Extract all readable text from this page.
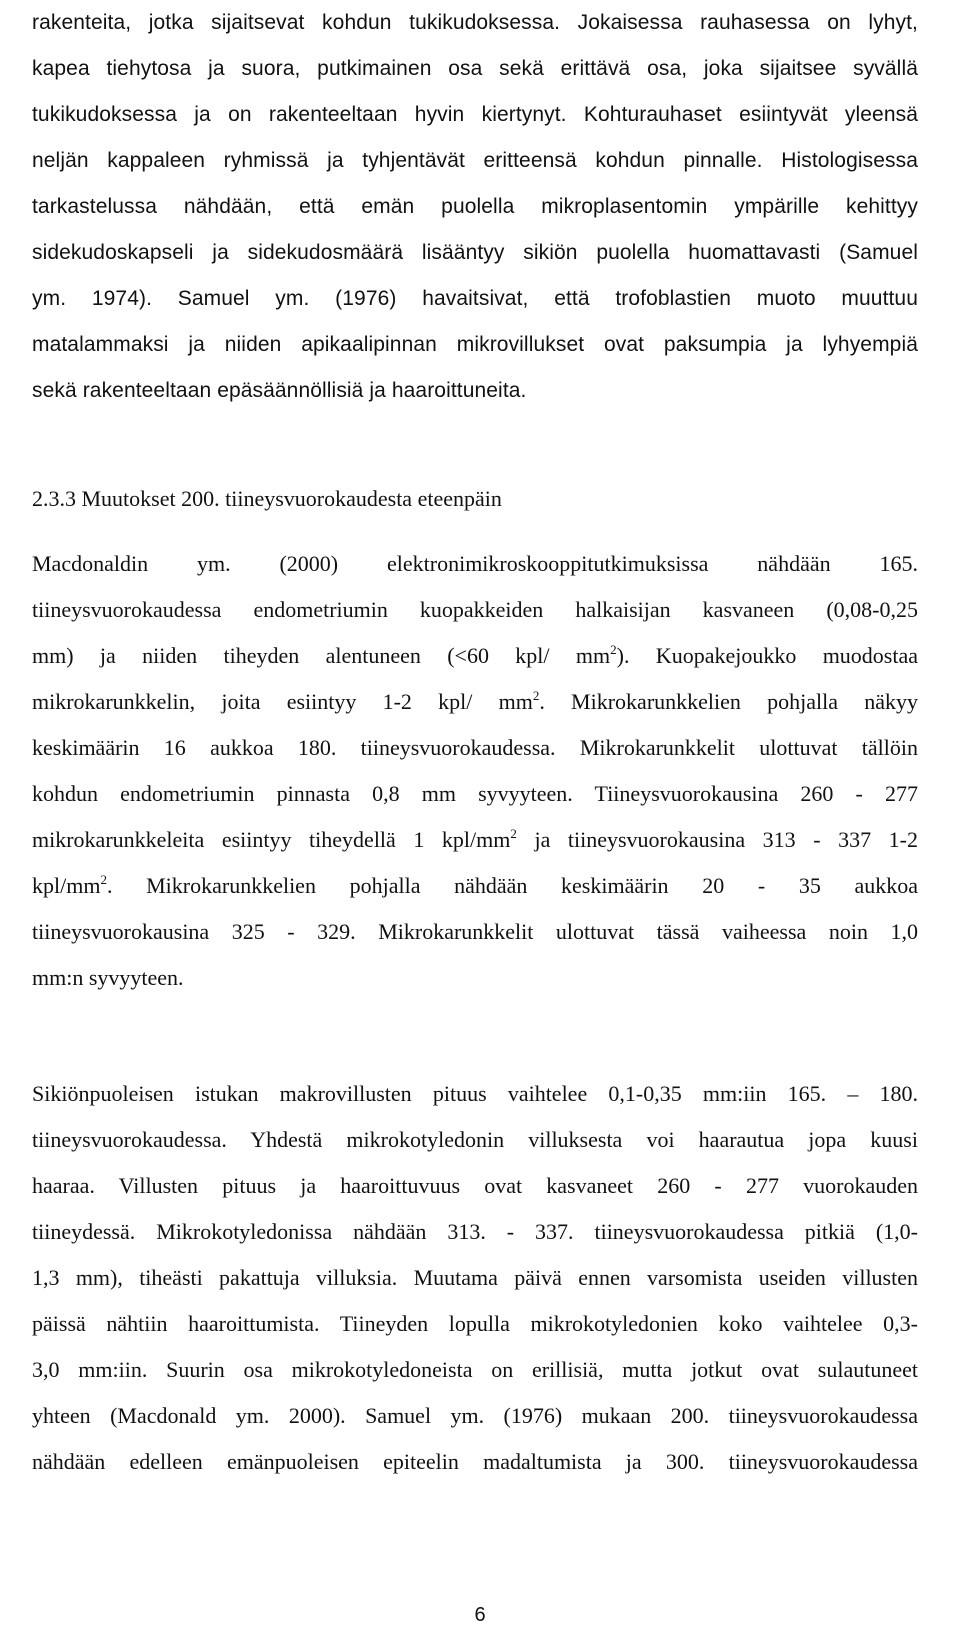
rakenteita, jotka sijaitsevat kohdun tukikudoksessa. Jokaisessa rauhasessa on lyhyt,
kapea tiehytosa ja suora, putkimainen osa sekä erittävä osa, joka sijaitsee syvällä
tukikudoksessa ja on rakenteeltaan hyvin kiertynyt. Kohturauhaset esiintyvät yleensä
neljän kappaleen ryhmissä ja tyhjentävät eritteensä kohdun pinnalle. Histologisessa
tarkastelussa nähdään, että emän puolella mikroplasentomin ympärille kehittyy
sidekudoskapseli ja sidekudosmäärä lisääntyy sikiön puolella huomattavasti (Samuel
ym. 1974). Samuel ym. (1976) havaitsivat, että trofoblastien muoto muuttuu
matalammaksi ja niiden apikaalipinnan mikrovillukset ovat paksumpia ja lyhyempiä
sekä rakenteeltaan epäsäännöllisiä ja haaroittuneita.
2.3.3 Muutokset 200. tiineysvuorokaudesta eteenpäin
Macdonaldin ym. (2000) elektronimikroskooppitutkimuksissa nähdään 165.
tiineysvuorokaudessa endometriumin kuopakkeiden halkaisijan kasvaneen (0,08-0,25
mm) ja niiden tiheyden alentuneen (<60 kpl/ $mm^2$). Kuopakejoukko muodostaa
mikrokarunkkelin, joita esiintyy 1-2 kpl/ $mm^2$. Mikrokarunkkelien pohjalla näkyy
keskimäärin 16 aukkoa 180. tiineysvuorokaudessa. Mikrokarunkkelit ulottuvat tällöin
kohdun endometriumin pinnasta 0,8 mm syvyyteen. Tiineysvuorokausina 260 - 277
mikrokarunkkeleita esiintyy tiheydellä 1 kpl/$mm^2$ ja tiineysvuorokausina 313 - 337 1-2
kpl/$mm^2$. Mikrokarunkkelien pohjalla nähdään keskimäärin 20 - 35 aukkoa
tiineysvuorokausina 325 - 329. Mikrokarunkkelit ulottuvat tässä vaiheessa noin 1,0
mm:n syvyyteen.
Sikiönpuoleisen istukan makrovillusten pituus vaihtelee 0,1-0,35 mm:iin 165. – 180.
tiineysvuorokaudessa. Yhdestä mikrokotyledonin villuksesta voi haarautua jopa kuusi
haaraa. Villusten pituus ja haaroittuvuus ovat kasvaneet 260 - 277 vuorokauden
tiineydessä. Mikrokotyledonissa nähdään 313. - 337. tiineysvuorokaudessa pitkiä (1,0-
1,3 mm), tiheästi pakattuja villuksia. Muutama päivä ennen varsomista useiden villusten
päissä nähtiin haaroittumista. Tiineyden lopulla mikrokotyledonien koko vaihtelee 0,3-
3,0 mm:iin. Suurin osa mikrokotyledoneista on erillisiä, mutta jotkut ovat sulautuneet
yhteen (Macdonald ym. 2000). Samuel ym. (1976) mukaan 200. tiineysvuorokaudessa
nähdään edelleen emänpuoleisen epiteelin madaltumista ja 300. tiineysvuorokaudessa
6
